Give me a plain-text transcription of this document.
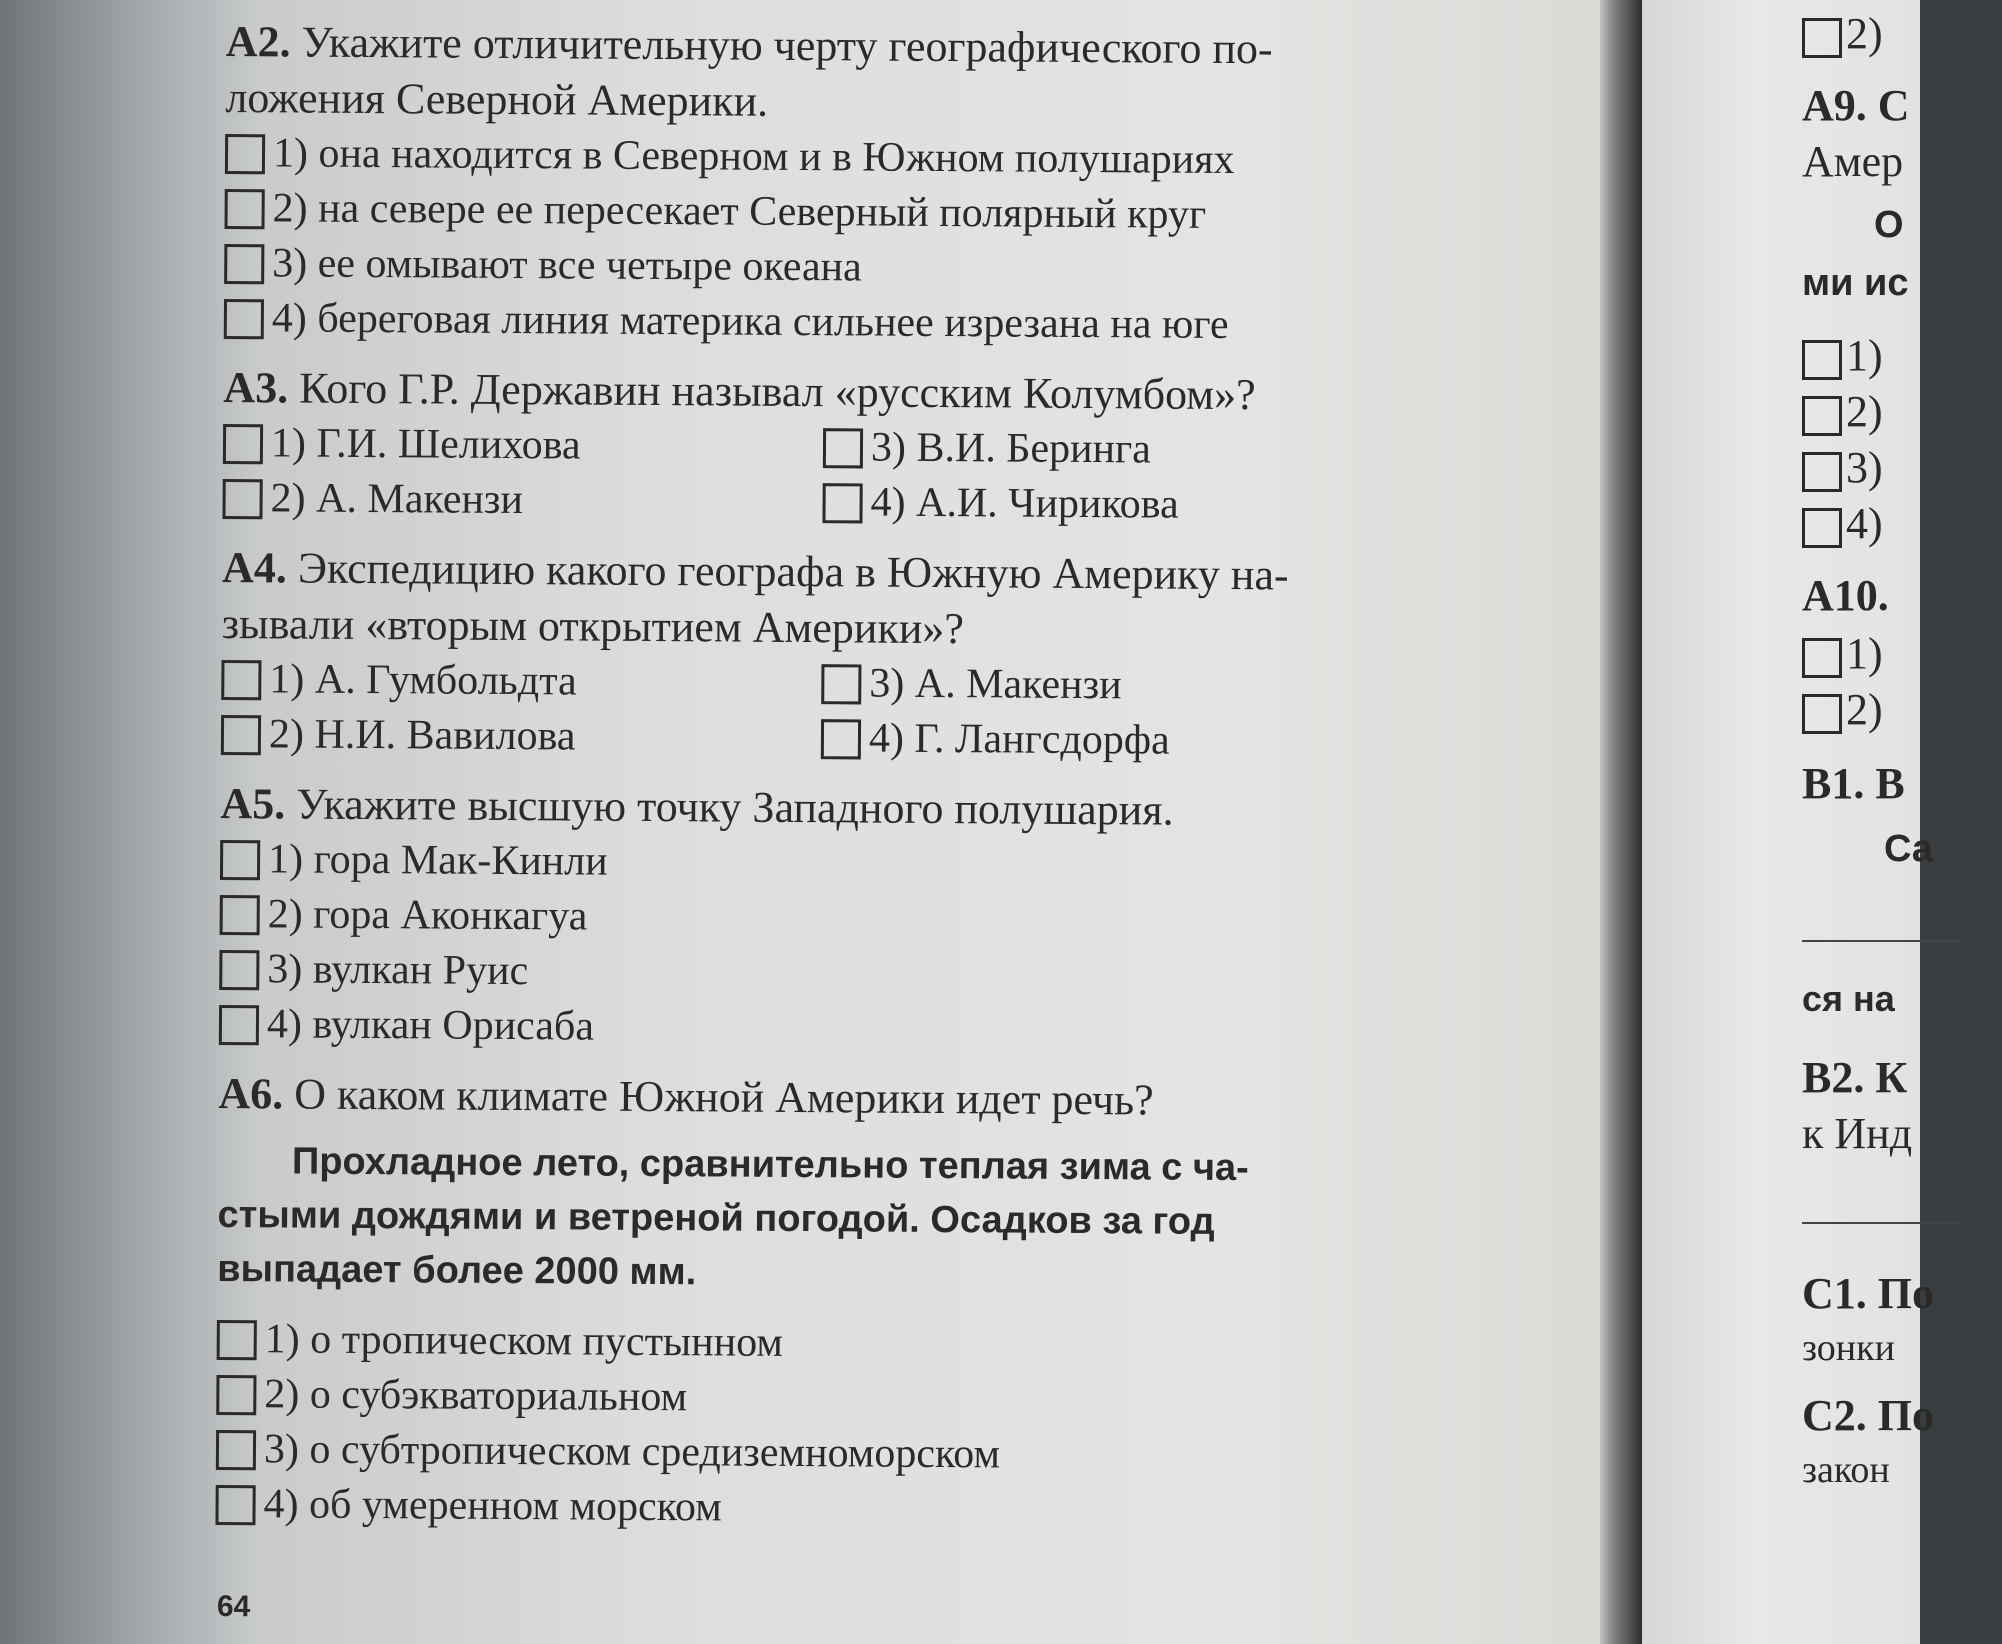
А2. Укажите отличительную черту географического по-

ложения Северной Америки.

1) она находится в Северном и в Южном полушариях
2) на севере ее пересекает Северный полярный круг
3) ее омывают все четыре океана
4) береговая линия материка сильнее изрезана на юге

А3. Кого Г.Р. Державин называл «русским Колумбом»?

1) Г.И. Шелихова	3) В.И. Беринга
2) А. Макензи	4) А.И. Чирикова

А4. Экспедицию какого географа в Южную Америку на-

зывали «вторым открытием Америки»?

1) А. Гумбольдта	3) А. Макензи
2) Н.И. Вавилова	4) Г. Лангсдорфа

А5. Укажите высшую точку Западного полушария.

1) гора Мак-Кинли
2) гора Аконкагуа
3) вулкан Руис
4) вулкан Орисаба

А6. О каком климате Южной Америки идет речь?

Прохладное лето, сравнительно теплая зима с ча-
стыми дождями и ветреной погодой. Осадков за год
выпадает более 2000 мм.
1) о тропическом пустынном
2) о субэкваториальном
3) о субтропическом средиземноморском
4) об умеренном морском
64
2)
А9. С
Амер
О
ми ис
1)
2)
3)
4)
А10.
1)
2)
В1. В
Са
ся на
В2. К
к Инд
С1. По
зонки
С2. По
закон
